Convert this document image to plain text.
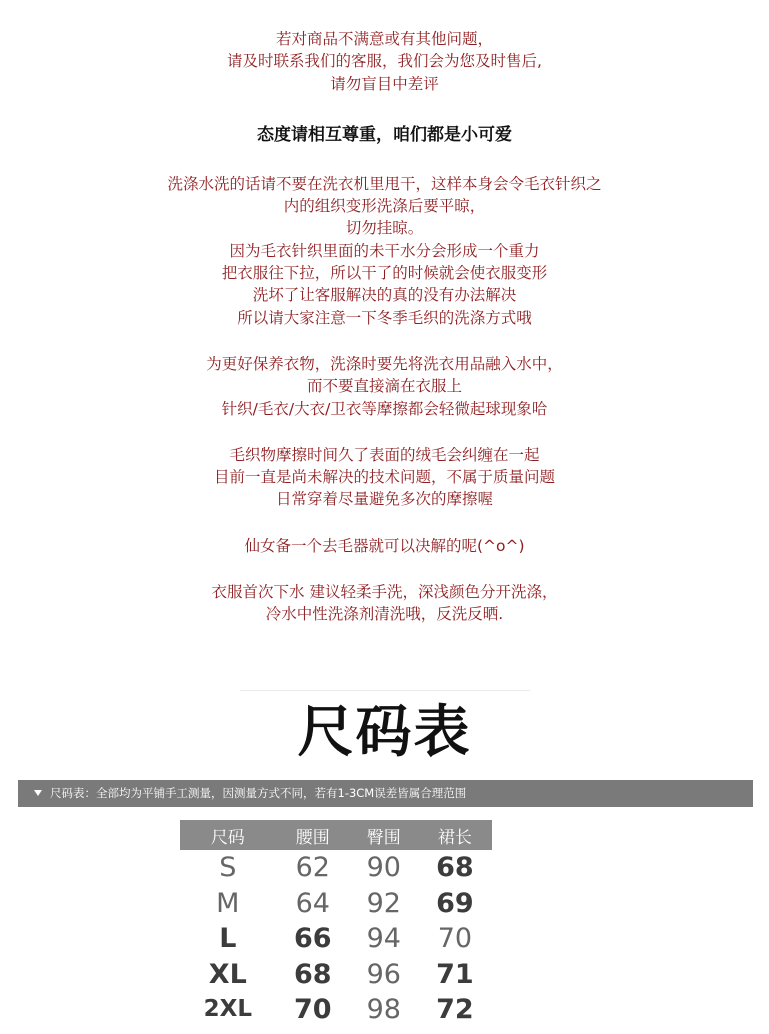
若对商品不满意或有其他问题，
请及时联系我们的客服，我们会为您及时售后,
请勿盲目中差评
态度请相互尊重，咱们都是小可爱
洗涤水洗的话请不要在洗衣机里甩干，这样本身会令毛衣针织之
内的组织变形洗涤后要平晾，
切勿挂晾。
因为毛衣针织里面的未干水分会形成一个重力
把衣服往下拉，所以干了的时候就会使衣服变形
洗坏了让客服解决的真的没有办法解决
所以请大家注意一下冬季毛织的洗涤方式哦
为更好保养衣物，洗涤时要先将洗衣用品融入水中，
而不要直接滴在衣服上
针织/毛衣/大衣/卫衣等摩擦都会轻微起球现象哈
毛织物摩擦时间久了表面的绒毛会纠缠在一起
目前一直是尚未解决的技术问题，不属于质量问题
日常穿着尽量避免多次的摩擦喔
仙女备一个去毛器就可以决解的呢(^o^)
衣服首次下水 建议轻柔手洗，深浅颜色分开洗涤，
冷水中性洗涤剂清洗哦，反洗反晒.
尺码表
尺码表：全部均为平铺手工测量，因测量方式不同，若有1-3CM误差皆属合理范围
尺码	腰围	臀围	裙长
S	62	90	68
M	64	92	69
L	66	94	70
XL	68	96	71
2XL	70	98	72
